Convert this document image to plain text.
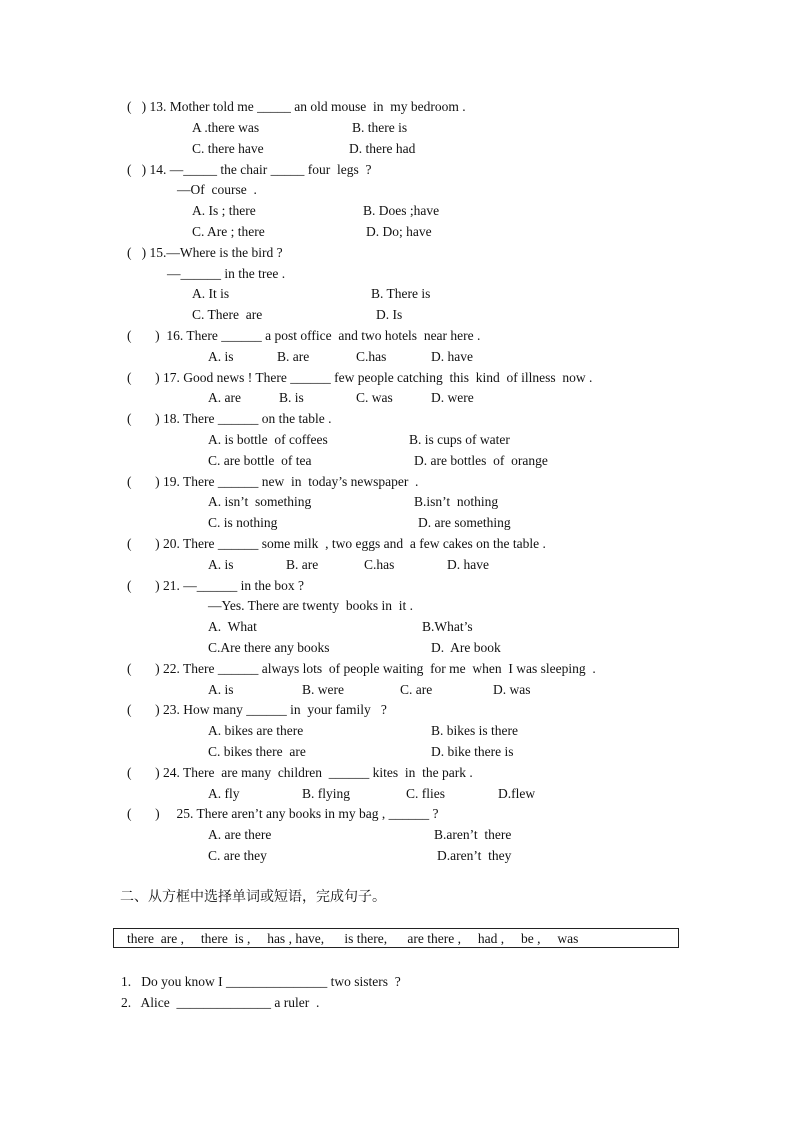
(   ) 13. Mother told me _____ an old mouse  in  my bedroom .
A .there was	B. there is
C. there have	D. there had
(   ) 14. —_____ the chair _____ four  legs  ?
—Of  course  .
A. Is ; there	B. Does ;have
C. Are ; there	D. Do; have
(   ) 15.—Where is the bird ?
—______ in the tree .
A. It is	B. There is
C. There  are	D. Is
(       )  16. There ______ a post office  and two hotels  near here .
A. is	B. are	C.has	D. have
(       ) 17. Good news ! There ______ few people catching  this  kind  of illness  now .
A. are	B. is	C. was	D. were
(       ) 18. There ______ on the table .
A. is bottle  of coffees	B. is cups of water
C. are bottle  of tea	D. are bottles  of  orange
(       ) 19. There ______ new  in  today’s newspaper  .
A. isn’t  something	B.isn’t  nothing
C. is nothing	D. are something
(       ) 20. There ______ some milk  , two eggs and  a few cakes on the table .
A. is	B. are	C.has	D. have
(       ) 21. —______ in the box ?
—Yes. There are twenty  books in  it .
A.  What	B.What’s
C.Are there any books	D.  Are book
(       ) 22. There ______ always lots  of people waiting  for me  when  I was sleeping  .
A. is	B. were	C. are	D. was
(       ) 23. How many ______ in  your family   ?
A. bikes are there	B. bikes is there
C. bikes there  are	D. bike there is
(       ) 24. There  are many  children  ______ kites  in  the park .
A. fly	B. flying	C. flies	D.flew
(       )     25. There aren’t any books in my bag , ______ ?
A. are there	B.aren’t  there
C. are they	D.aren’t  they
二、从方框中选择单词或短语，完成句子。
there  are ,     there  is ,     has , have,      is there,      are there ,     had ,     be ,     was
1.   Do you know I _______________ two sisters  ?
2.   Alice  ______________ a ruler  .
